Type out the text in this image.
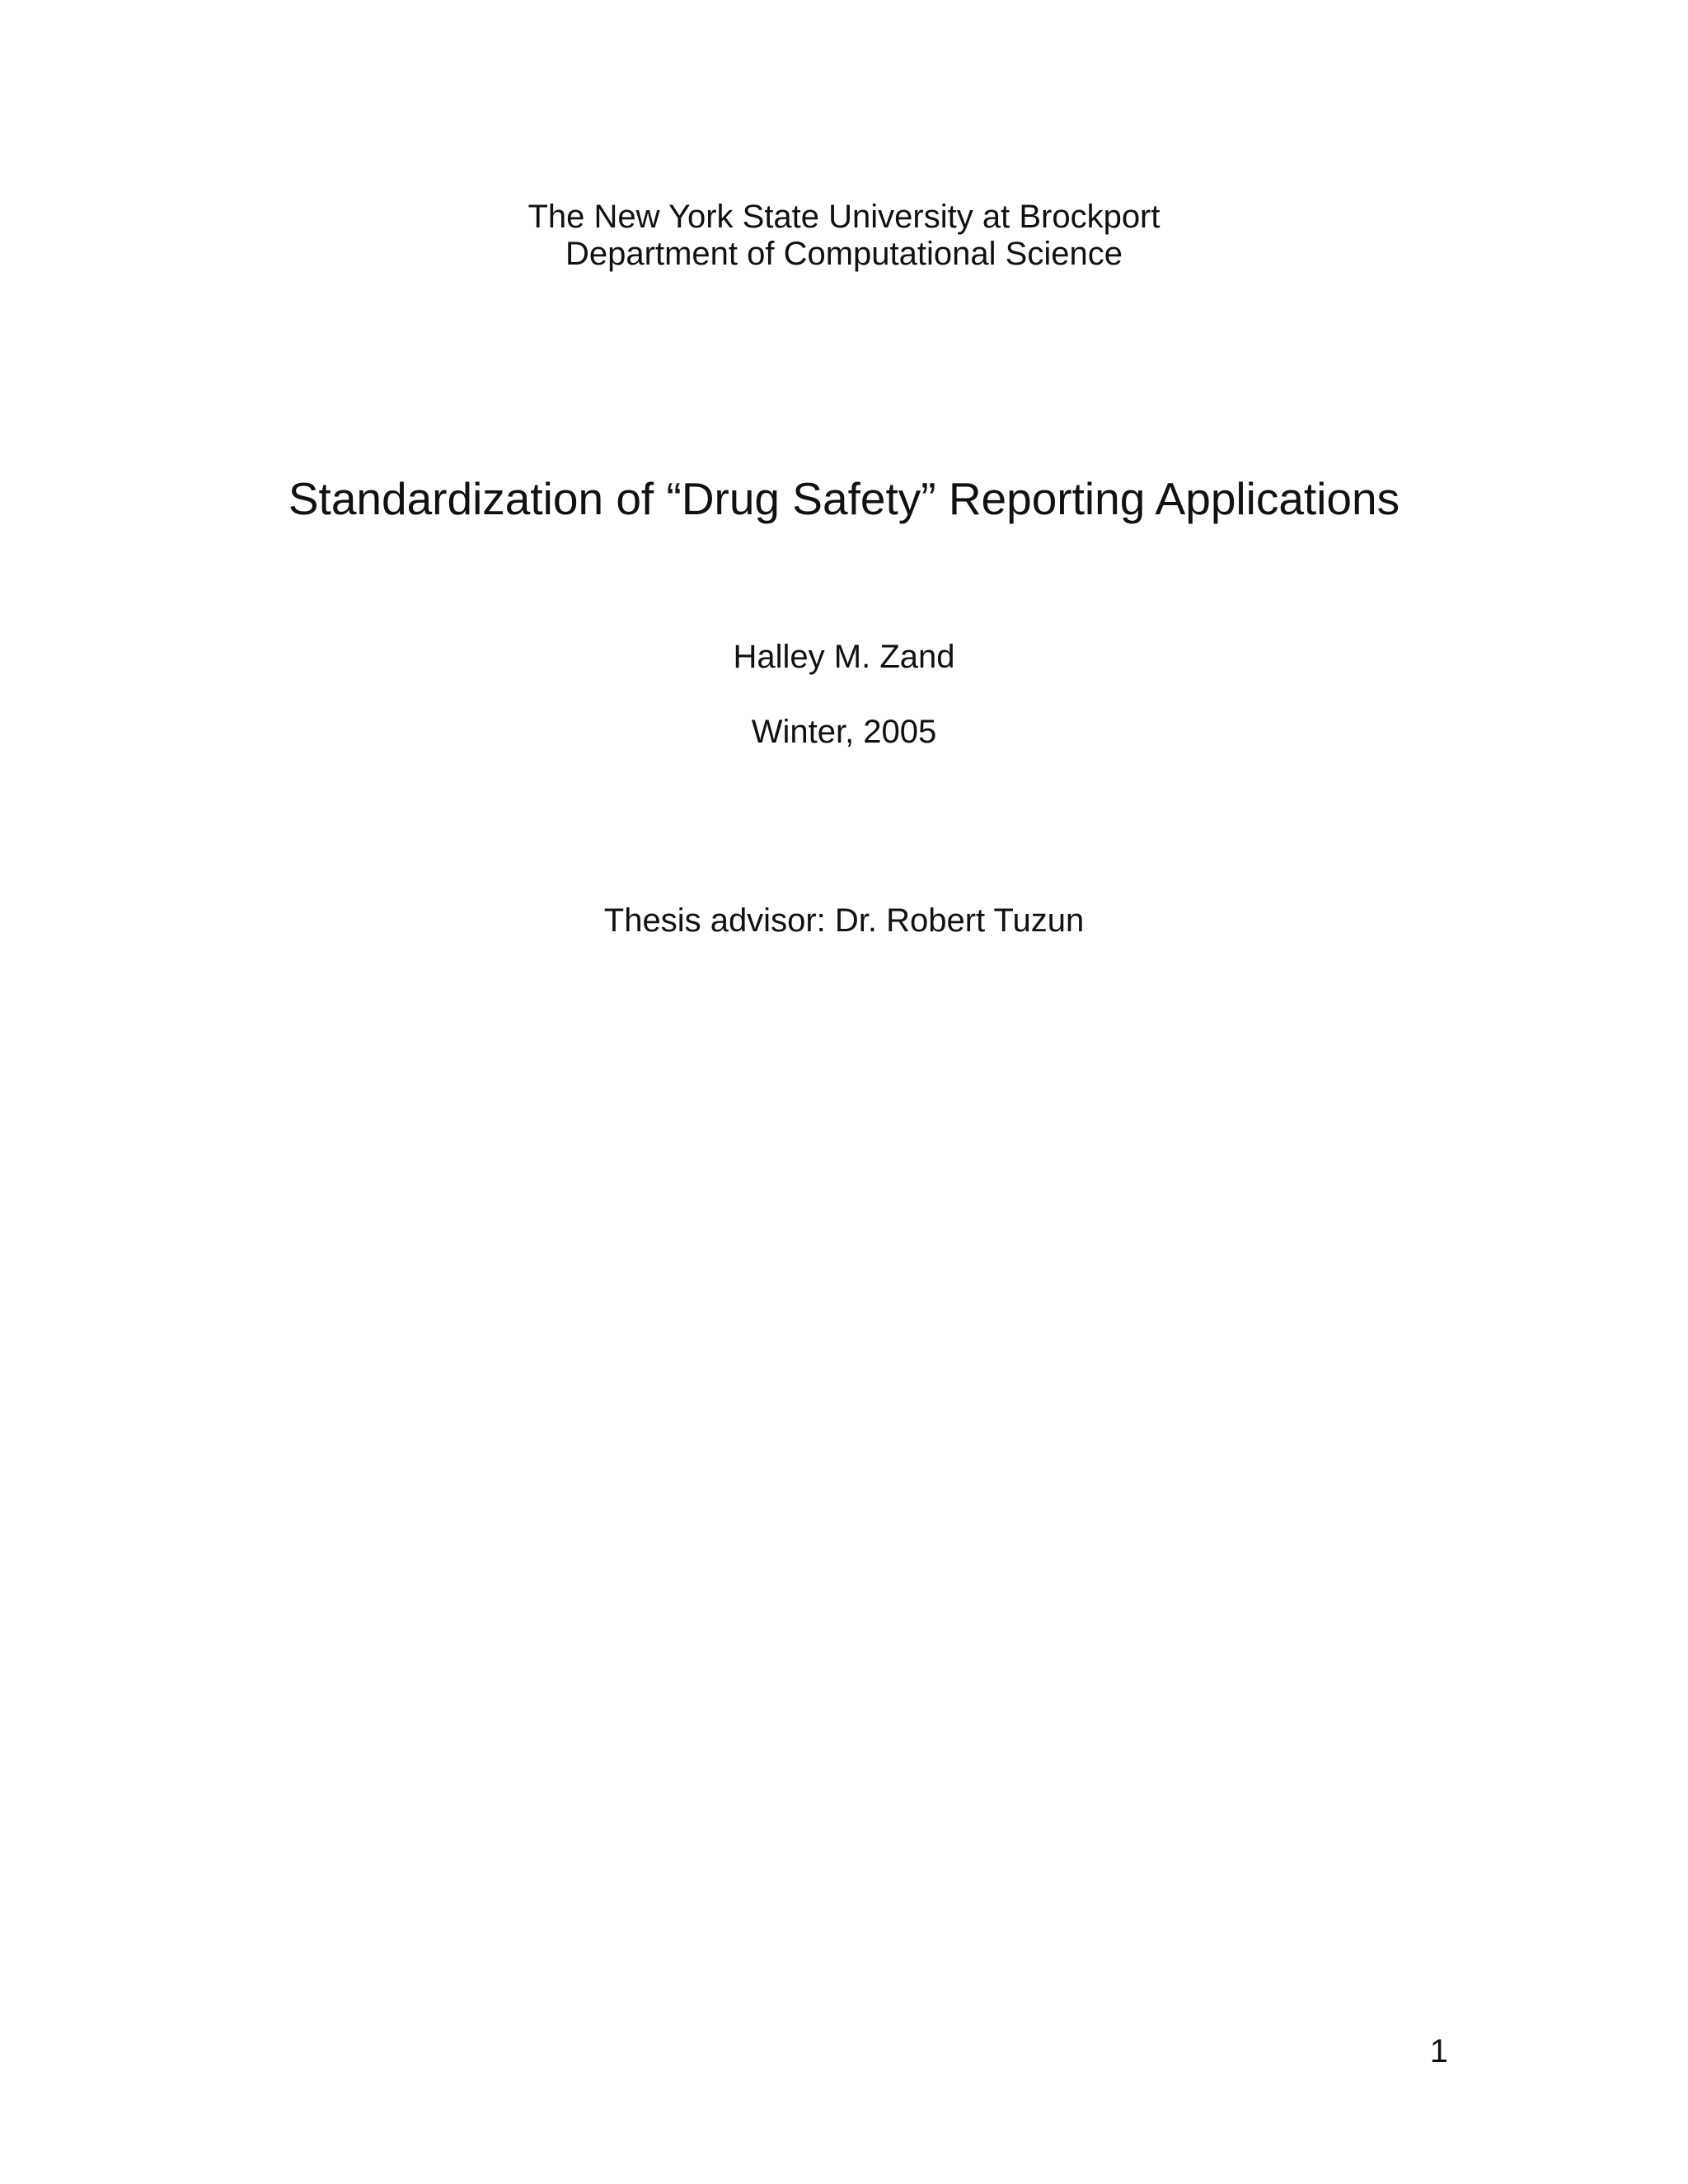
The New York State University at Brockport
Department of Computational Science
Standardization of “Drug Safety” Reporting Applications
Halley M. Zand
Winter, 2005
Thesis advisor: Dr. Robert Tuzun
1
